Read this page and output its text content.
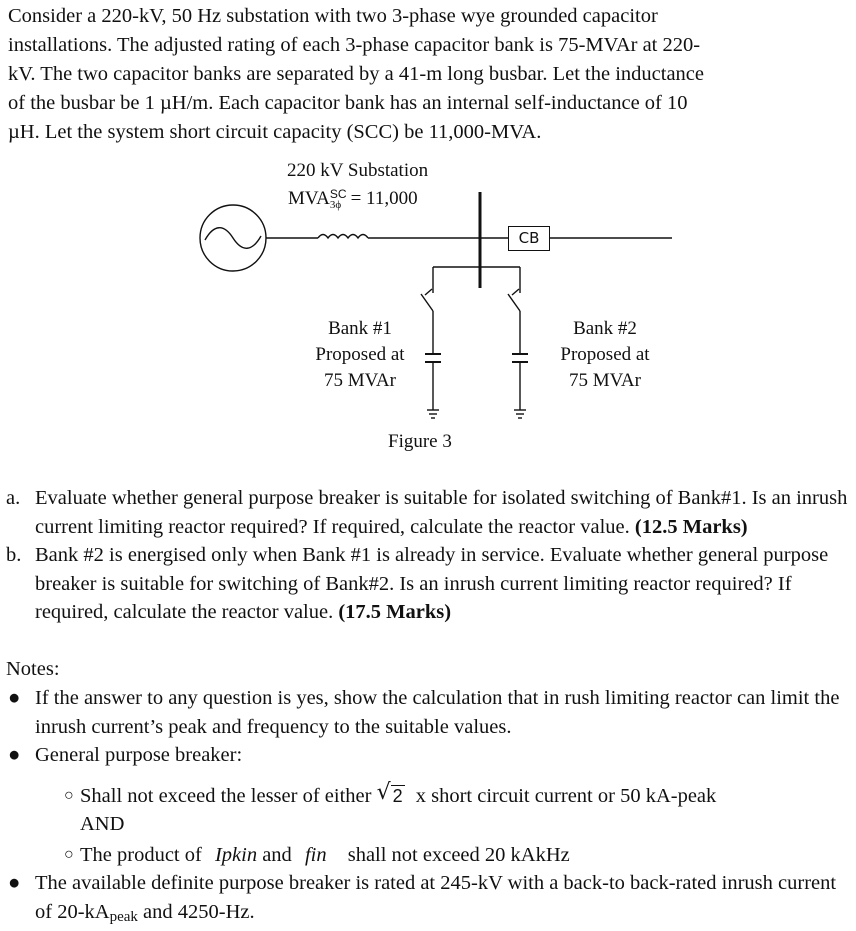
Consider a 220-kV, 50 Hz substation with two 3-phase wye grounded capacitor
installations. The adjusted rating of each 3-phase capacitor bank is 75-MVAr at 220-
kV. The two capacitor banks are separated by a 41-m long busbar. Let the inductance
of the busbar be 1 µH/m. Each capacitor bank has an internal self-inductance of 10
µH. Let the system short circuit capacity (SCC) be 11,000-MVA.

CB
220 kV Substation
MVA SC
3ϕ = 11,000
Bank #1
Proposed at
75 MVAr
Bank #2
Proposed at
75 MVAr
Figure 3
a. Evaluate whether general purpose breaker is suitable for isolated switching of Bank#1. Is an inrush current limiting reactor required? If required, calculate the reactor value. (12.5 Marks)
b. Bank #2 is energised only when Bank #1 is already in service. Evaluate whether general purpose breaker is suitable for switching of Bank#2. Is an inrush current limiting reactor required? If required, calculate the reactor value. (17.5 Marks)
Notes:
● If the answer to any question is yes, show the calculation that in rush limiting reactor can limit the inrush current’s peak and frequency to the suitable values.
● General purpose breaker:
○ Shall not exceed the lesser of either √ 2 x short circuit current or 50 kA-peak
AND
○ The product of Ipkin and fin shall not exceed 20 kAkHz
● The available definite purpose breaker is rated at 245-kV with a back-to back-rated inrush current of 20-kApeak and 4250-Hz.
